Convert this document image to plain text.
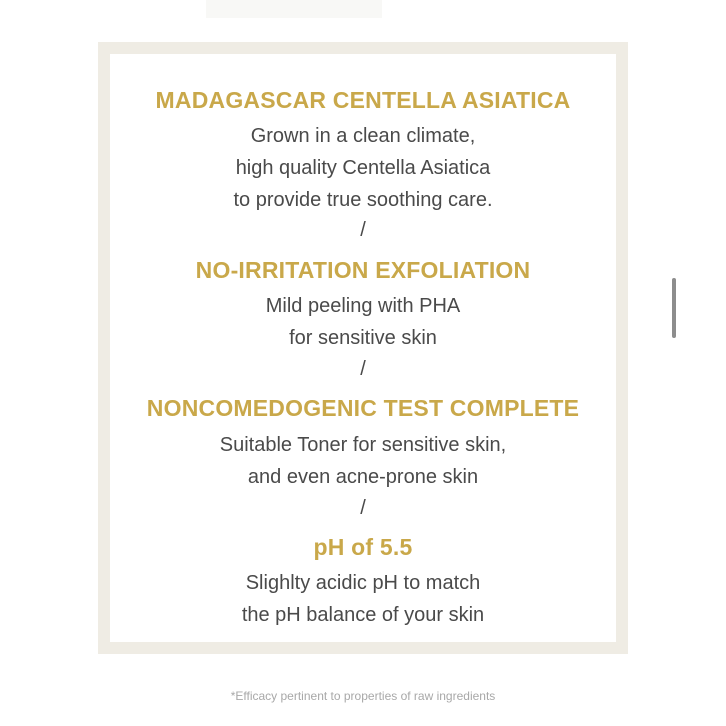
MADAGASCAR CENTELLA ASIATICA

Grown in a clean climate,

high quality Centella Asiatica

to provide true soothing care.

/

NO-IRRITATION EXFOLIATION

Mild peeling with PHA

for sensitive skin

/

NONCOMEDOGENIC TEST COMPLETE

Suitable Toner for sensitive skin,

and even acne-prone skin

/

pH of 5.5

Slighlty acidic pH to match

the pH balance of your skin

*Efficacy pertinent to properties of raw ingredients
